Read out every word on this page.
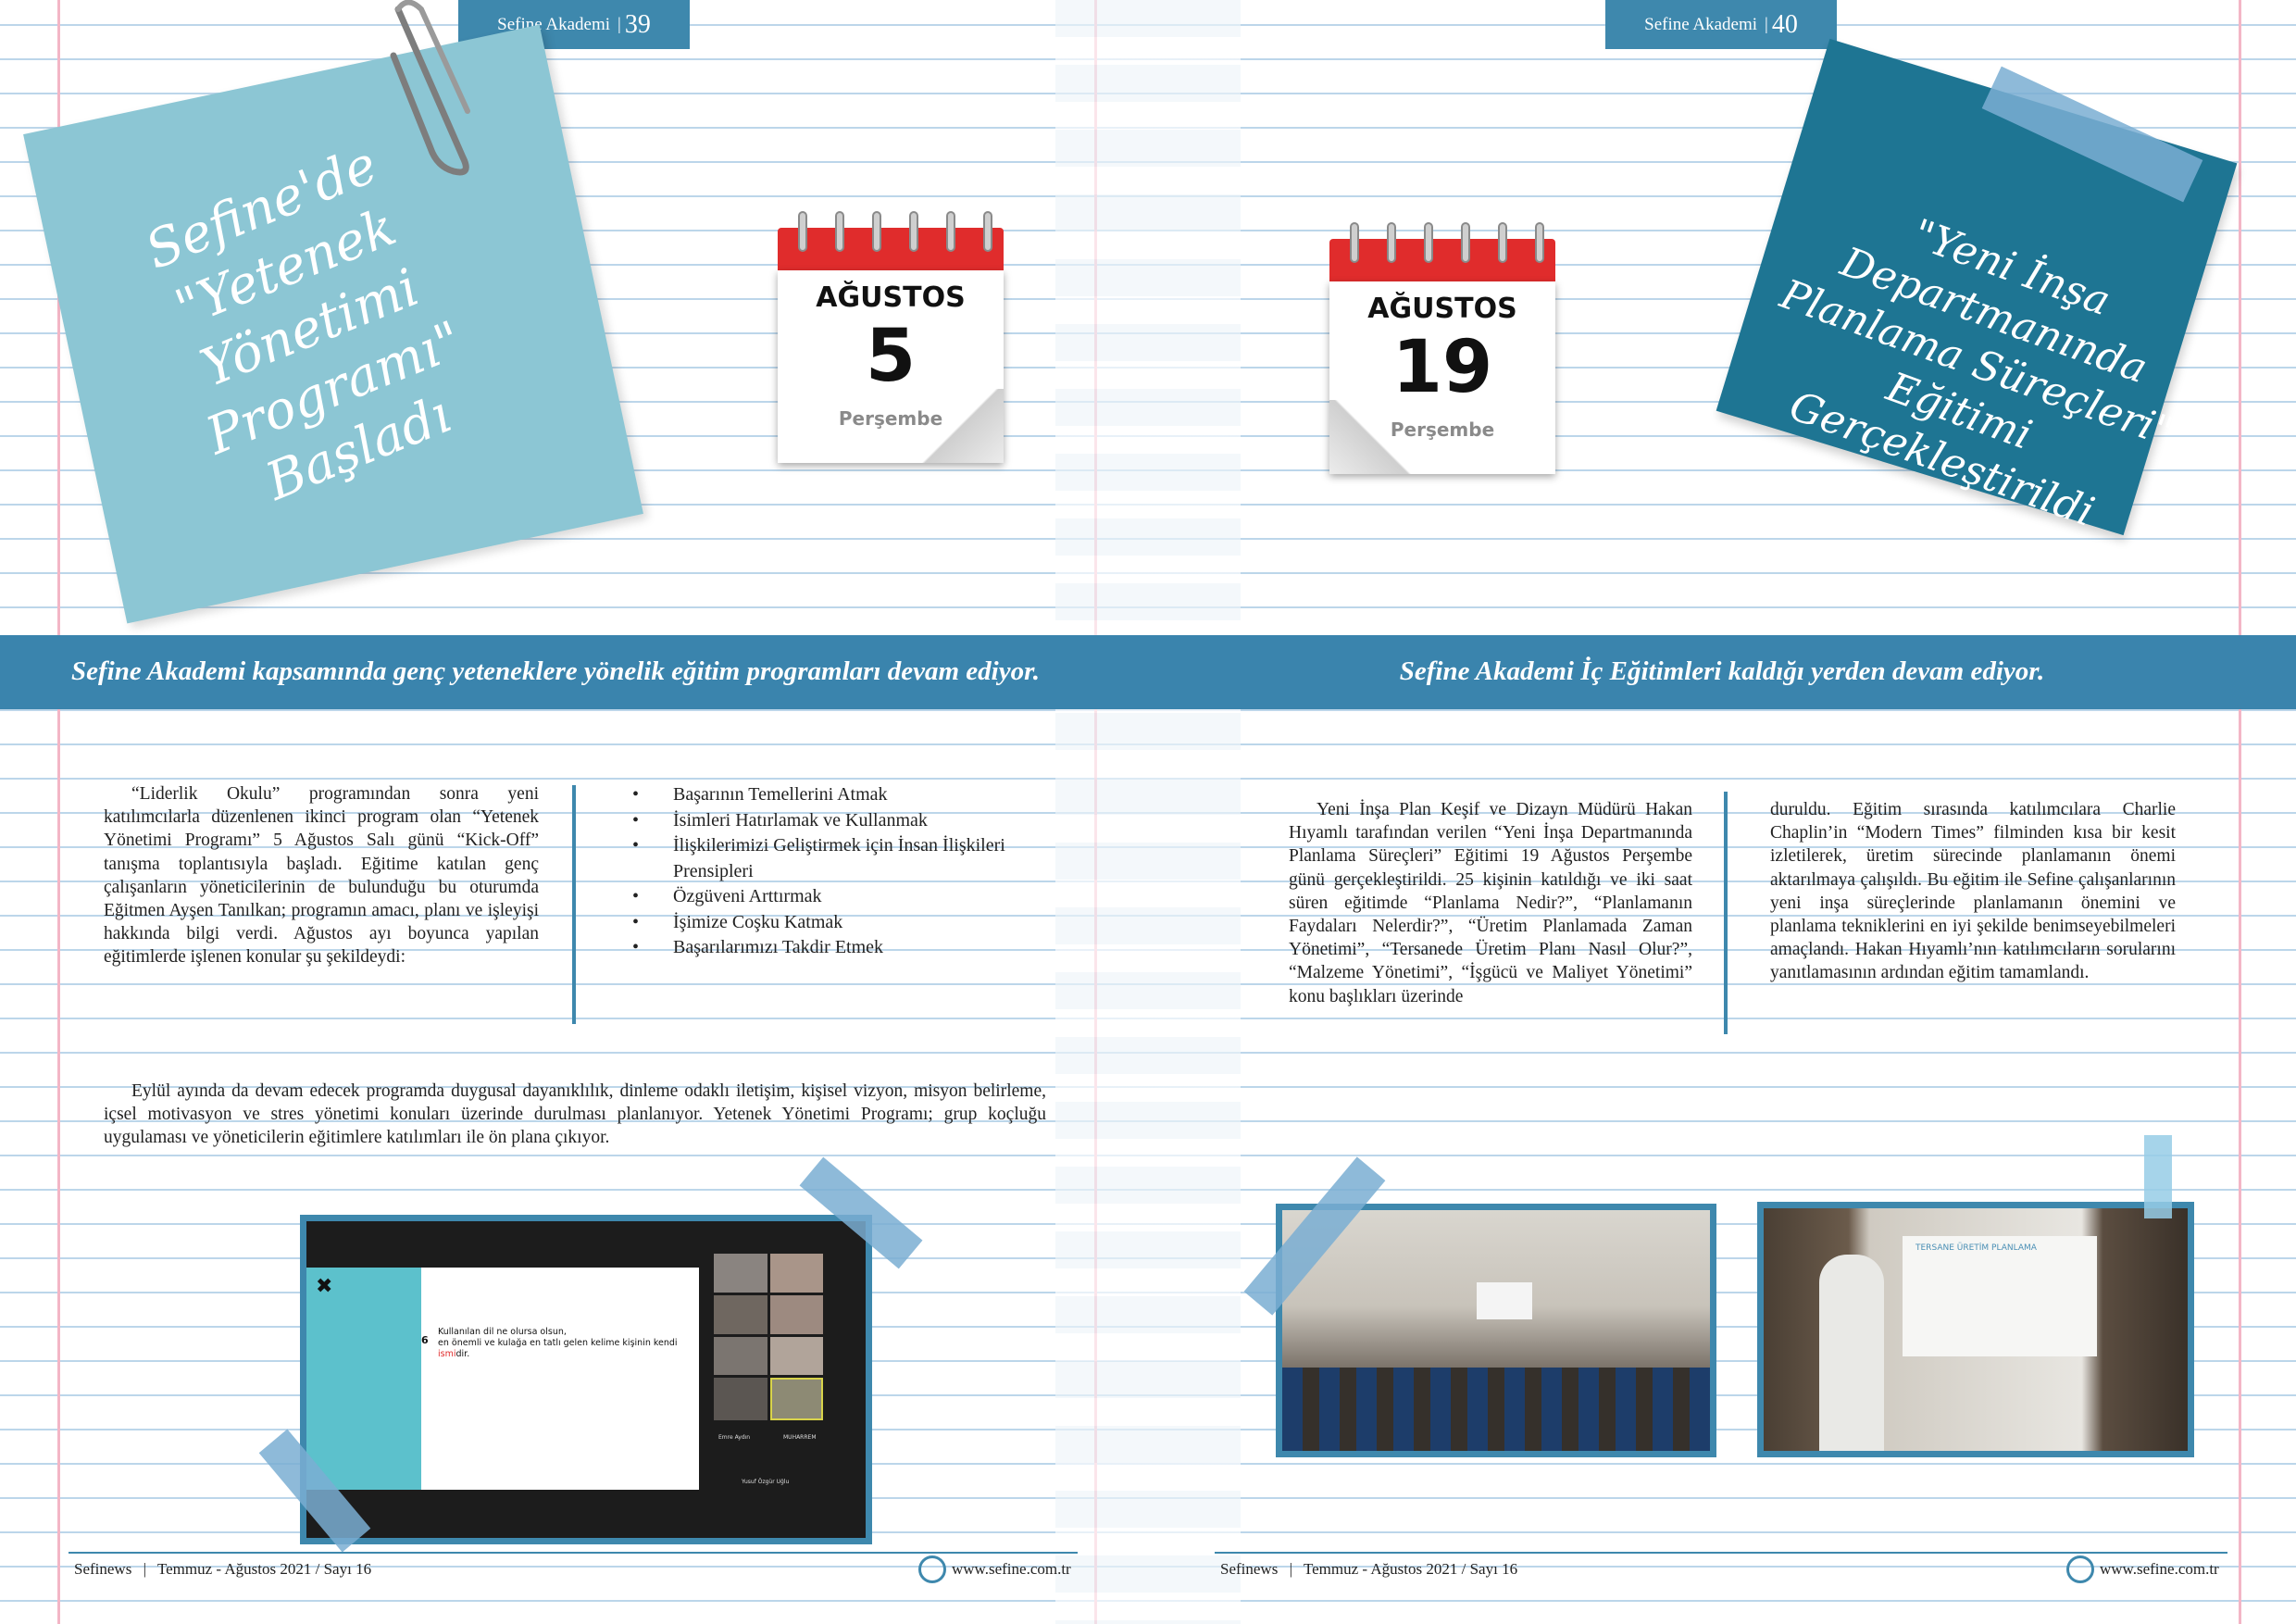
Sefine Akademi | 39	Sefine Akademi | 40
Sefine'de "Yetenek Yönetimi Programı" Başladı
AĞUSTOS
5
Perşembe
AĞUSTOS
19
Perşembe
"Yeni İnşa Departmanında Planlama Süreçleri" Eğitimi Gerçekleştirildi
Sefine Akademi kapsamında genç yeteneklere yönelik eğitim programları devam ediyor.	Sefine Akademi İç Eğitimleri kaldığı yerden devam ediyor.
“Liderlik Okulu” programından sonra yeni katılımcılarla düzenlenen ikinci program olan “Yetenek Yönetimi Programı” 5 Ağustos Salı günü “Kick-Off” tanışma toplantısıyla başladı. Eğitime katılan genç çalışanların yöneticilerinin de bulunduğu bu oturumda Eğitmen Ayşen Tanılkan; programın amacı, planı ve işleyişi hakkında bilgi verdi. Ağustos ayı boyunca yapılan eğitimlerde işlenen konular şu şekildeydi:
• Başarının Temellerini Atmak
• İsimleri Hatırlamak ve Kullanmak
• İlişkilerimizi Geliştirmek için İnsan İlişkileri Prensipleri
• Özgüveni Arttırmak
• İşimize Coşku Katmak
• Başarılarımızı Takdir Etmek
Eylül ayında da devam edecek programda duygusal dayanıklılık, dinleme odaklı iletişim, kişisel vizyon, misyon belirleme, içsel motivasyon ve stres yönetimi konuları üzerinde durulması planlanıyor. Yetenek Yönetimi Programı; grup koçluğu uygulaması ve yöneticilerin eğitimlere katılımları ile ön plana çıkıyor.
✖
6
Kullanılan dil ne olursa olsun,
en önemli ve kulağa en tatlı gelen kelime kişinin kendi
ismidir.
Emre Aydın	MUHARREM
Yusuf Özgür Uğlu
Yeni İnşa Plan Keşif ve Dizayn Müdürü Hakan Hıyamlı tarafından verilen “Yeni İnşa Departmanında Planlama Süreçleri” Eğitimi 19 Ağustos Perşembe günü gerçekleştirildi. 25 kişinin katıldığı ve iki saat süren eğitimde “Planlama Nedir?”, “Planlamanın Faydaları Nelerdir?”, “Üretim Planlamada Zaman Yönetimi”, “Tersanede Üretim Planı Nasıl Olur?”, “Malzeme Yönetimi”, “İşgücü ve Maliyet Yönetimi” konu başlıkları üzerinde
duruldu. Eğitim sırasında katılımcılara Charlie Chaplin’in “Modern Times” filminden kısa bir kesit izletilerek, üretim sürecinde planlamanın önemi aktarılmaya çalışıldı. Bu eğitim ile Sefine çalışanlarının yeni inşa süreçlerinde planlamanın önemini ve planlama tekniklerini en iyi şekilde benimseyebilmeleri amaçlandı. Hakan Hıyamlı’nın katılımcıların sorularını yanıtlamasının ardından eğitim tamamlandı.
TERSANE ÜRETİM PLANLAMA
Sefinews | Temmuz - Ağustos 2021 / Sayı 16	www.sefine.com.tr	Sefinews | Temmuz - Ağustos 2021 / Sayı 16	www.sefine.com.tr
